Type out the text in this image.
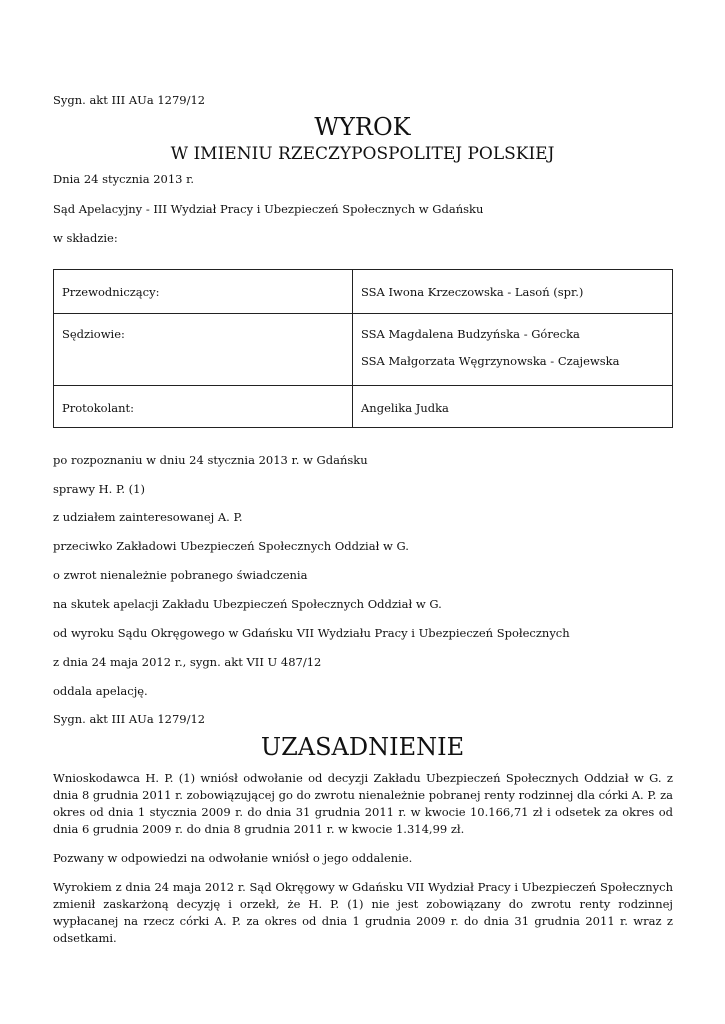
Sygn. akt III AUa 1279/12
WYROK
W IMIENIU RZECZYPOSPOLITEJ POLSKIEJ
Dnia 24 stycznia 2013 r.
Sąd Apelacyjny - III Wydział Pracy i Ubezpieczeń Społecznych w Gdańsku
w składzie:
Przewodniczący:	SSA Iwona Krzeczowska - Lasoń (spr.)

Sędziowie:	SSA Magdalena Budzyńska - Górecka
SSA Małgorzata Węgrzynowska - Czajewska

Protokolant:	Angelika Judka
po rozpoznaniu w dniu 24 stycznia 2013 r. w Gdańsku
sprawy H. P. (1)
z udziałem zainteresowanej A. P.
przeciwko Zakładowi Ubezpieczeń Społecznych Oddział w G.
o zwrot nienależnie pobranego świadczenia
na skutek apelacji Zakładu Ubezpieczeń Społecznych Oddział w G.
od wyroku Sądu Okręgowego w Gdańsku VII Wydziału Pracy i Ubezpieczeń Społecznych
z dnia 24 maja 2012 r., sygn. akt VII U 487/12
oddala apelację.
Sygn. akt III AUa 1279/12
UZASADNIENIE
Wnioskodawca H. P. (1) wniósł odwołanie od decyzji Zakładu Ubezpieczeń Społecznych Oddział w G. z dnia 8 grudnia 2011 r. zobowiązującej go do zwrotu nienależnie pobranej renty rodzinnej dla córki A. P. za okres od dnia 1 stycznia 2009 r. do dnia 31 grudnia 2011 r. w kwocie 10.166,71 zł i odsetek za okres od dnia 6 grudnia 2009 r. do dnia 8 grudnia 2011 r. w kwocie 1.314,99 zł.
Pozwany w odpowiedzi na odwołanie wniósł o jego oddalenie.
Wyrokiem z dnia 24 maja 2012 r. Sąd Okręgowy w Gdańsku VII Wydział Pracy i Ubezpieczeń Społecznych zmienił zaskarżoną decyzję i orzekł, że H. P. (1) nie jest zobowiązany do zwrotu renty rodzinnej wypłacanej na rzecz córki A. P. za okres od dnia 1 grudnia 2009 r. do dnia 31 grudnia 2011 r. wraz z odsetkami.
